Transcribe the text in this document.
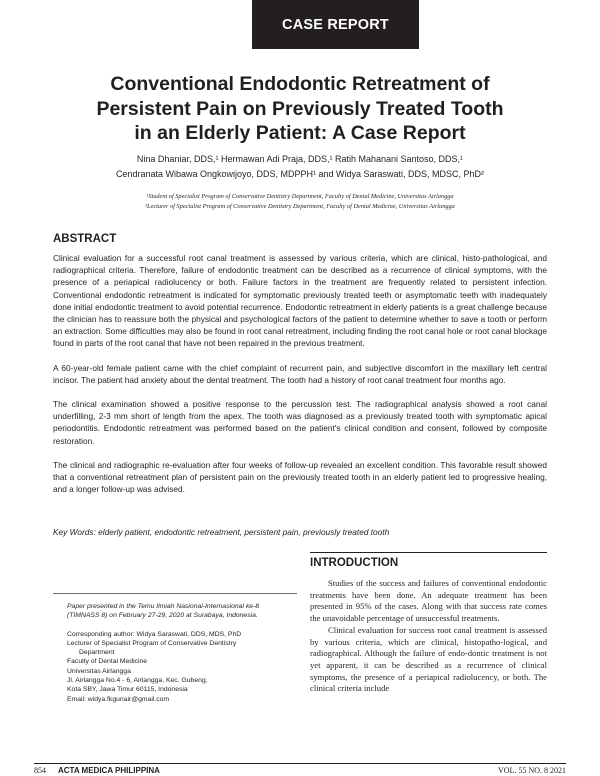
CASE REPORT
Conventional Endodontic Retreatment of
Persistent Pain on Previously Treated Tooth
in an Elderly Patient: A Case Report
Nina Dhaniar, DDS,¹ Hermawan Adi Praja, DDS,¹ Ratih Mahanani Santoso, DDS,¹
Cendranata Wibawa Ongkowijoyo, DDS, MDPPH¹ and Widya Saraswati, DDS, MDSC, PhD²
¹Student of Specialist Program of Conservative Dentistry Department, Faculty of Dental Medicine, Universitas Airlangga
²Lecturer of Specialist Program of Conservative Dentistry Department, Faculty of Dental Medicine, Universitas Airlangga
ABSTRACT

Clinical evaluation for a successful root canal treatment is assessed by various criteria, which are clinical, histo-pathological, and radiographical criteria. Therefore, failure of endodontic treatment can be described as a recurrence of clinical symptoms, with the presence of a periapical radiolucency or both. Failure factors in the treatment are frequently related to persistent infection. Conventional endodontic retreatment is indicated for symptomatic previously treated teeth or asymptomatic teeth with inadequately done initial endodontic treatment to avoid potential recurrence. Endodontic retreatment in elderly patients is a great challenge because the clinician has to reassure both the physical and psychological factors of the patient to determine whether to save a tooth or perform an extraction. Some difficulties may also be found in root canal retreatment, including finding the root canal hole or root canal blockage found in parts of the root canal that have not been repaired in the previous treatment.

A 60-year-old female patient came with the chief complaint of recurrent pain, and subjective discomfort in the maxillary left central incisor. The patient had anxiety about the dental treatment. The tooth had a history of root canal treatment four months ago.

The clinical examination showed a positive response to the percussion test. The radiographical analysis showed a root canal underfilling, 2-3 mm short of length from the apex. The tooth was diagnosed as a previously treated tooth with symptomatic apical periodontitis. Endodontic retreatment was performed based on the patient's clinical condition and consent, followed by composite restoration.

The clinical and radiographic re-evaluation after four weeks of follow-up revealed an excellent condition. This favorable result showed that a conventional retreatment plan of persistent pain on the previously treated tooth in an elderly patient led to progressive healing, and a longer follow-up was advised.

Key Words: elderly patient, endodontic retreatment, persistent pain, previously treated tooth
INTRODUCTION

Studies of the success and failures of conventional endodontic treatments have been done. An adequate treatment has been presented in 95% of the cases. Along with that success rate comes the unavoidable percentage of unsuccessful treatments.

Clinical evaluation for success root canal treatment is assessed by various criteria, which are clinical, histopatho-logical, and radiographical. Although the failure of endo-dontic treatment is not yet apparent, it can be described as a recurrence of clinical symptoms, the presence of a periapical radiolucency, or both. The clinical criteria include

Paper presented in the Temu Ilmiah Nasional-Internasional ke-8 (TIMNASS 8) on February 27-29, 2020 at Surabaya, Indonesia.
Corresponding author: Widya Saraswati, DDS, MDS, PhD
Lecturer of Specialist Program of Conservative Dentistry
Department
Faculty of Dental Medicine
Universitas Airlangga
Jl. Airlangga No.4 - 6, Airlangga, Kec. Gubeng,
Kota SBY, Jawa Timur 60115, Indonesia
Email: widya.fkgunair@gmail.com
854 ACTA MEDICA PHILIPPINA	VOL. 55 NO. 8 2021
